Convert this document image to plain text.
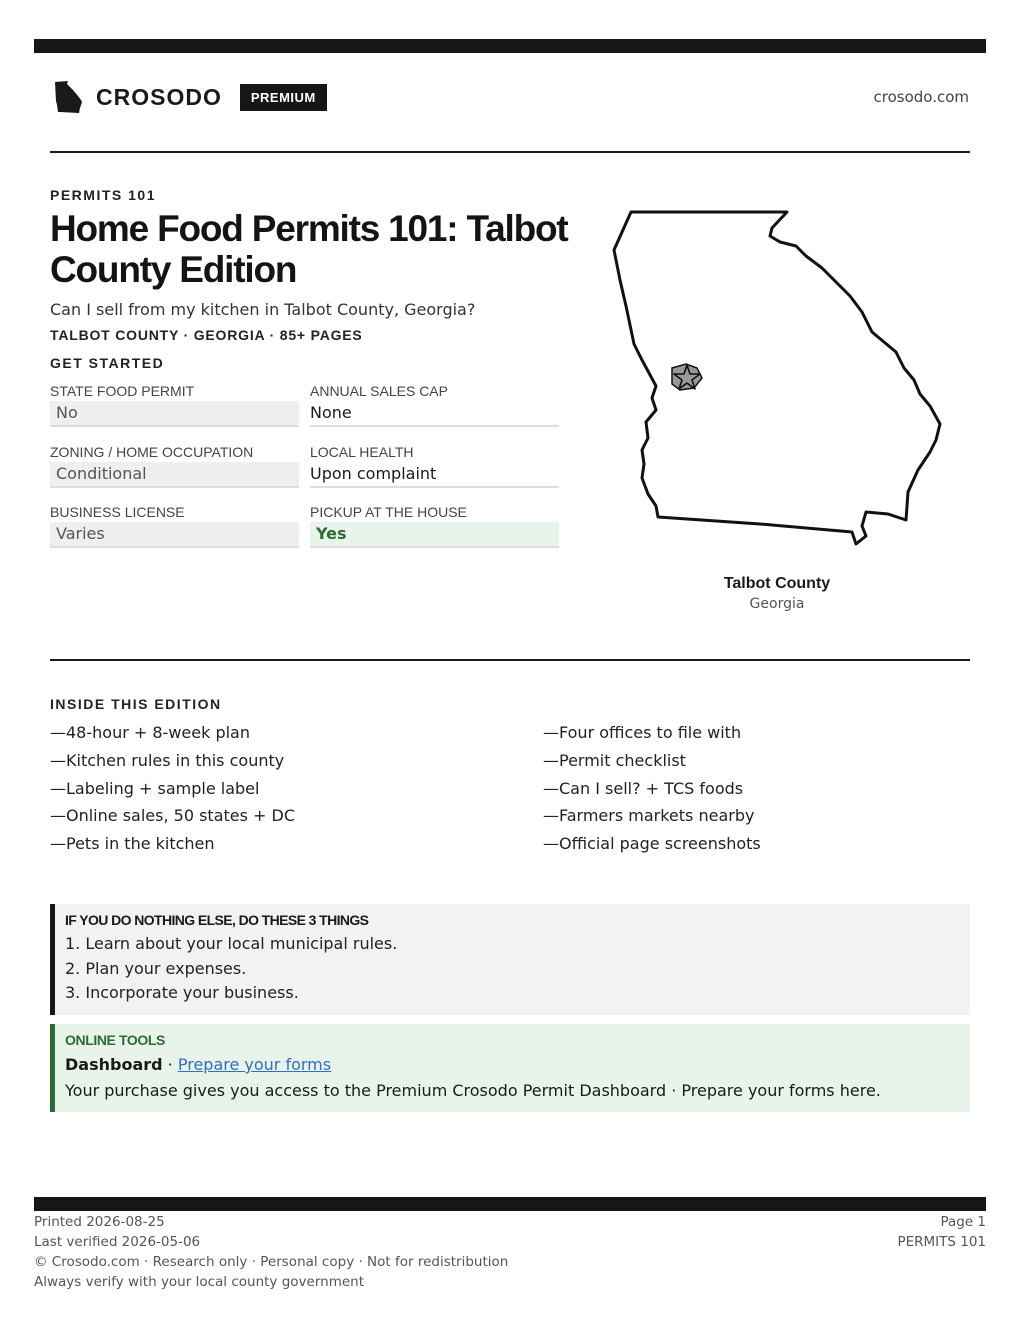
CROSODO	PREMIUM	crosodo.com
PERMITS 101
Home Food Permits 101: Talbot County Edition
Can I sell from my kitchen in Talbot County, Georgia?
TALBOT COUNTY · GEORGIA · 85+ PAGES
GET STARTED
STATE FOOD PERMIT
No
ANNUAL SALES CAP
None
ZONING / HOME OCCUPATION
Conditional
LOCAL HEALTH
Upon complaint
BUSINESS LICENSE
Varies
PICKUP AT THE HOUSE
Yes
Talbot County
Georgia
INSIDE THIS EDITION
—48-hour + 8-week plan
—Kitchen rules in this county
—Labeling + sample label
—Online sales, 50 states + DC
—Pets in the kitchen
—Four offices to file with
—Permit checklist
—Can I sell? + TCS foods
—Farmers markets nearby
—Official page screenshots
IF YOU DO NOTHING ELSE, DO THESE 3 THINGS
1. Learn about your local municipal rules.
2. Plan your expenses.
3. Incorporate your business.
ONLINE TOOLS
Dashboard · Prepare your forms
Your purchase gives you access to the Premium Crosodo Permit Dashboard · Prepare your forms here.
Printed 2026-08-25
Last verified 2026-05-06
© Crosodo.com · Research only · Personal copy · Not for redistribution
Always verify with your local county government
Page 1
PERMITS 101
